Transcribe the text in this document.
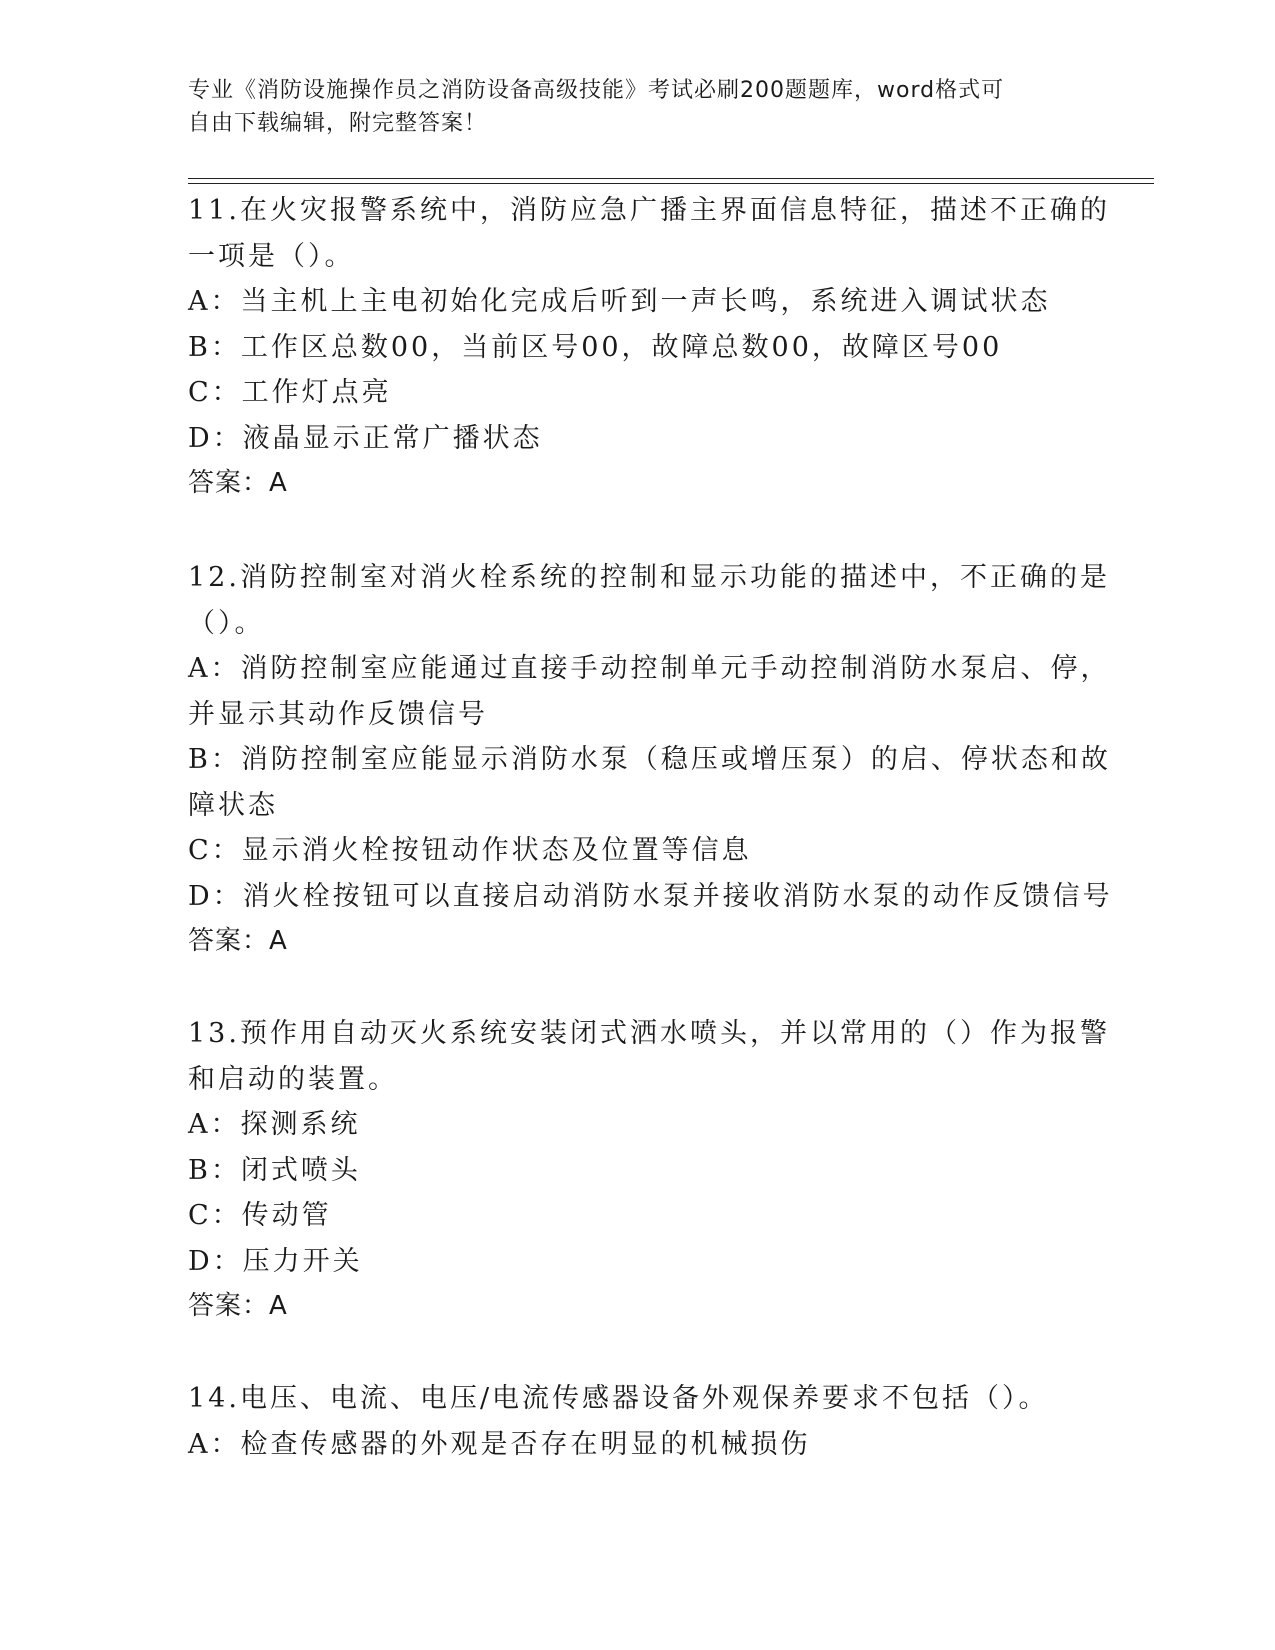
专业《消防设施操作员之消防设备高级技能》考试必刷200题题库，word格式可
自由下载编辑，附完整答案！
11.在火灾报警系统中，消防应急广播主界面信息特征，描述不正确的
一项是（）。
A：当主机上主电初始化完成后听到一声长鸣，系统进入调试状态
B：工作区总数00，当前区号00，故障总数00，故障区号00
C：工作灯点亮
D：液晶显示正常广播状态
答案：A
12.消防控制室对消火栓系统的控制和显示功能的描述中，不正确的是
（）。
A：消防控制室应能通过直接手动控制单元手动控制消防水泵启、停，
并显示其动作反馈信号
B：消防控制室应能显示消防水泵（稳压或增压泵）的启、停状态和故
障状态
C：显示消火栓按钮动作状态及位置等信息
D：消火栓按钮可以直接启动消防水泵并接收消防水泵的动作反馈信号
答案：A
13.预作用自动灭火系统安装闭式洒水喷头，并以常用的（）作为报警
和启动的装置。
A：探测系统
B：闭式喷头
C：传动管
D：压力开关
答案：A
14.电压、电流、电压/电流传感器设备外观保养要求不包括（）。
A：检查传感器的外观是否存在明显的机械损伤
